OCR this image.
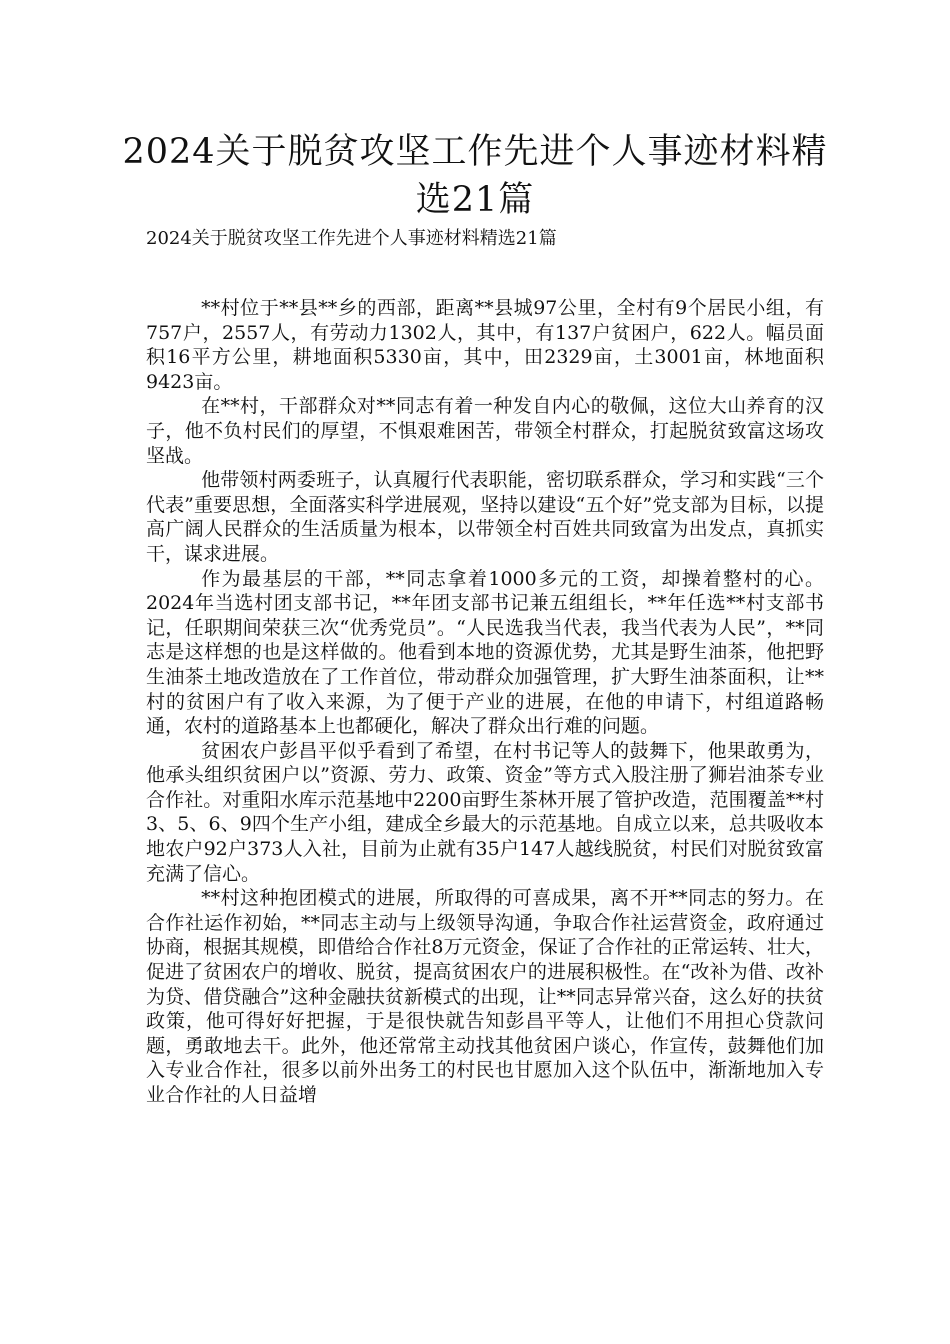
2024关于脱贫攻坚工作先进个人事迹材料精选21篇

2024关于脱贫攻坚工作先进个人事迹材料精选21篇

**村位于**县**乡的西部，距离**县城97公里，全村有9个居民小组，有757户，2557人，有劳动力1302人，其中，有137户贫困户，622人。幅员面积16平方公里，耕地面积5330亩，其中，田2329亩，土3001亩，林地面积9423亩。

在**村，干部群众对**同志有着一种发自内心的敬佩，这位大山养育的汉子，他不负村民们的厚望，不惧艰难困苦，带领全村群众，打起脱贫致富这场攻坚战。

他带领村两委班子，认真履行代表职能，密切联系群众，学习和实践“三个代表”重要思想，全面落实科学进展观，坚持以建设“五个好”党支部为目标，以提高广阔人民群众的生活质量为根本，以带领全村百姓共同致富为出发点，真抓实干，谋求进展。

作为最基层的干部，**同志拿着1000多元的工资，却操着整村的心。2024年当选村团支部书记，**年团支部书记兼五组组长，**年任选**村支部书记，任职期间荣获三次“优秀党员”。“人民选我当代表，我当代表为人民”，**同志是这样想的也是这样做的。他看到本地的资源优势，尤其是野生油茶，他把野生油茶土地改造放在了工作首位，带动群众加强管理，扩大野生油茶面积，让**村的贫困户有了收入来源，为了便于产业的进展，在他的申请下，村组道路畅通，农村的道路基本上也都硬化，解决了群众出行难的问题。

贫困农户彭昌平似乎看到了希望，在村书记等人的鼓舞下，他果敢勇为，他承头组织贫困户以”资源、劳力、政策、资金”等方式入股注册了狮岩油茶专业合作社。对重阳水库示范基地中2200亩野生茶林开展了管护改造，范围覆盖**村3、5、6、9四个生产小组，建成全乡最大的示范基地。自成立以来，总共吸收本地农户92户373人入社，目前为止就有35户147人越线脱贫，村民们对脱贫致富充满了信心。

**村这种抱团模式的进展，所取得的可喜成果，离不开**同志的努力。在合作社运作初始，**同志主动与上级领导沟通，争取合作社运营资金，政府通过协商，根据其规模，即借给合作社8万元资金，保证了合作社的正常运转、壮大，促进了贫困农户的增收、脱贫，提高贫困农户的进展积极性。在“改补为借、改补为贷、借贷融合”这种金融扶贫新模式的出现，让**同志异常兴奋，这么好的扶贫政策，他可得好好把握，于是很快就告知彭昌平等人，让他们不用担心贷款问题，勇敢地去干。此外，他还常常主动找其他贫困户谈心，作宣传，鼓舞他们加入专业合作社，很多以前外出务工的村民也甘愿加入这个队伍中，渐渐地加入专业合作社的人日益增
